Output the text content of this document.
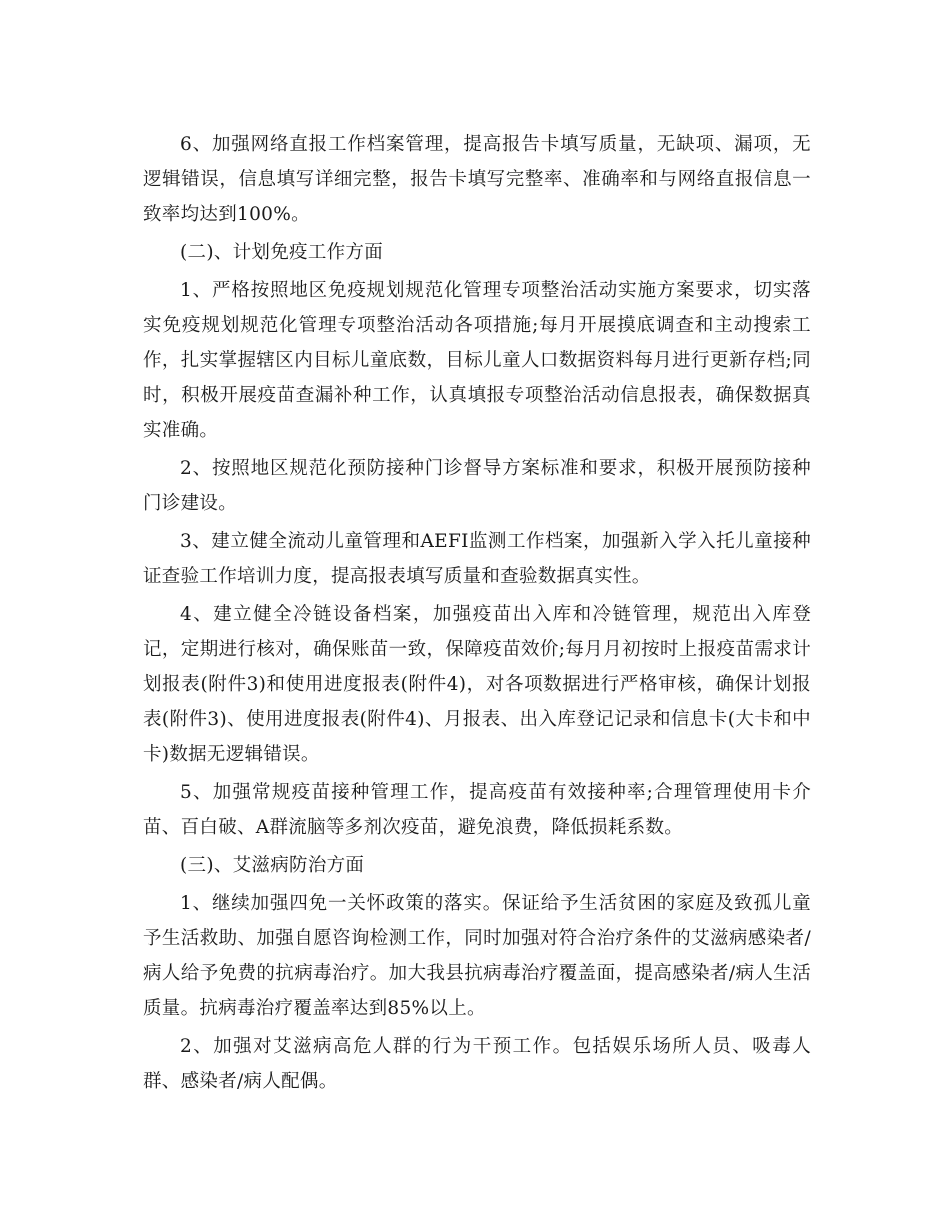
6、加强网络直报工作档案管理，提高报告卡填写质量，无缺项、漏项，无逻辑错误，信息填写详细完整，报告卡填写完整率、准确率和与网络直报信息一致率均达到100%。

(二)、计划免疫工作方面

1、严格按照地区免疫规划规范化管理专项整治活动实施方案要求，切实落实免疫规划规范化管理专项整治活动各项措施;每月开展摸底调查和主动搜索工作，扎实掌握辖区内目标儿童底数，目标儿童人口数据资料每月进行更新存档;同时，积极开展疫苗查漏补种工作，认真填报专项整治活动信息报表，确保数据真实准确。

2、按照地区规范化预防接种门诊督导方案标准和要求，积极开展预防接种门诊建设。

3、建立健全流动儿童管理和AEFI监测工作档案，加强新入学入托儿童接种证查验工作培训力度，提高报表填写质量和查验数据真实性。

4、建立健全冷链设备档案，加强疫苗出入库和冷链管理，规范出入库登记，定期进行核对，确保账苗一致，保障疫苗效价;每月月初按时上报疫苗需求计划报表(附件3)和使用进度报表(附件4)，对各项数据进行严格审核，确保计划报表(附件3)、使用进度报表(附件4)、月报表、出入库登记记录和信息卡(大卡和中卡)数据无逻辑错误。

5、加强常规疫苗接种管理工作，提高疫苗有效接种率;合理管理使用卡介苗、百白破、A群流脑等多剂次疫苗，避免浪费，降低损耗系数。

(三)、艾滋病防治方面

1、继续加强四免一关怀政策的落实。保证给予生活贫困的家庭及致孤儿童予生活救助、加强自愿咨询检测工作，同时加强对符合治疗条件的艾滋病感染者/病人给予免费的抗病毒治疗。加大我县抗病毒治疗覆盖面，提高感染者/病人生活质量。抗病毒治疗覆盖率达到85%以上。

2、加强对艾滋病高危人群的行为干预工作。包括娱乐场所人员、吸毒人群、感染者/病人配偶。
